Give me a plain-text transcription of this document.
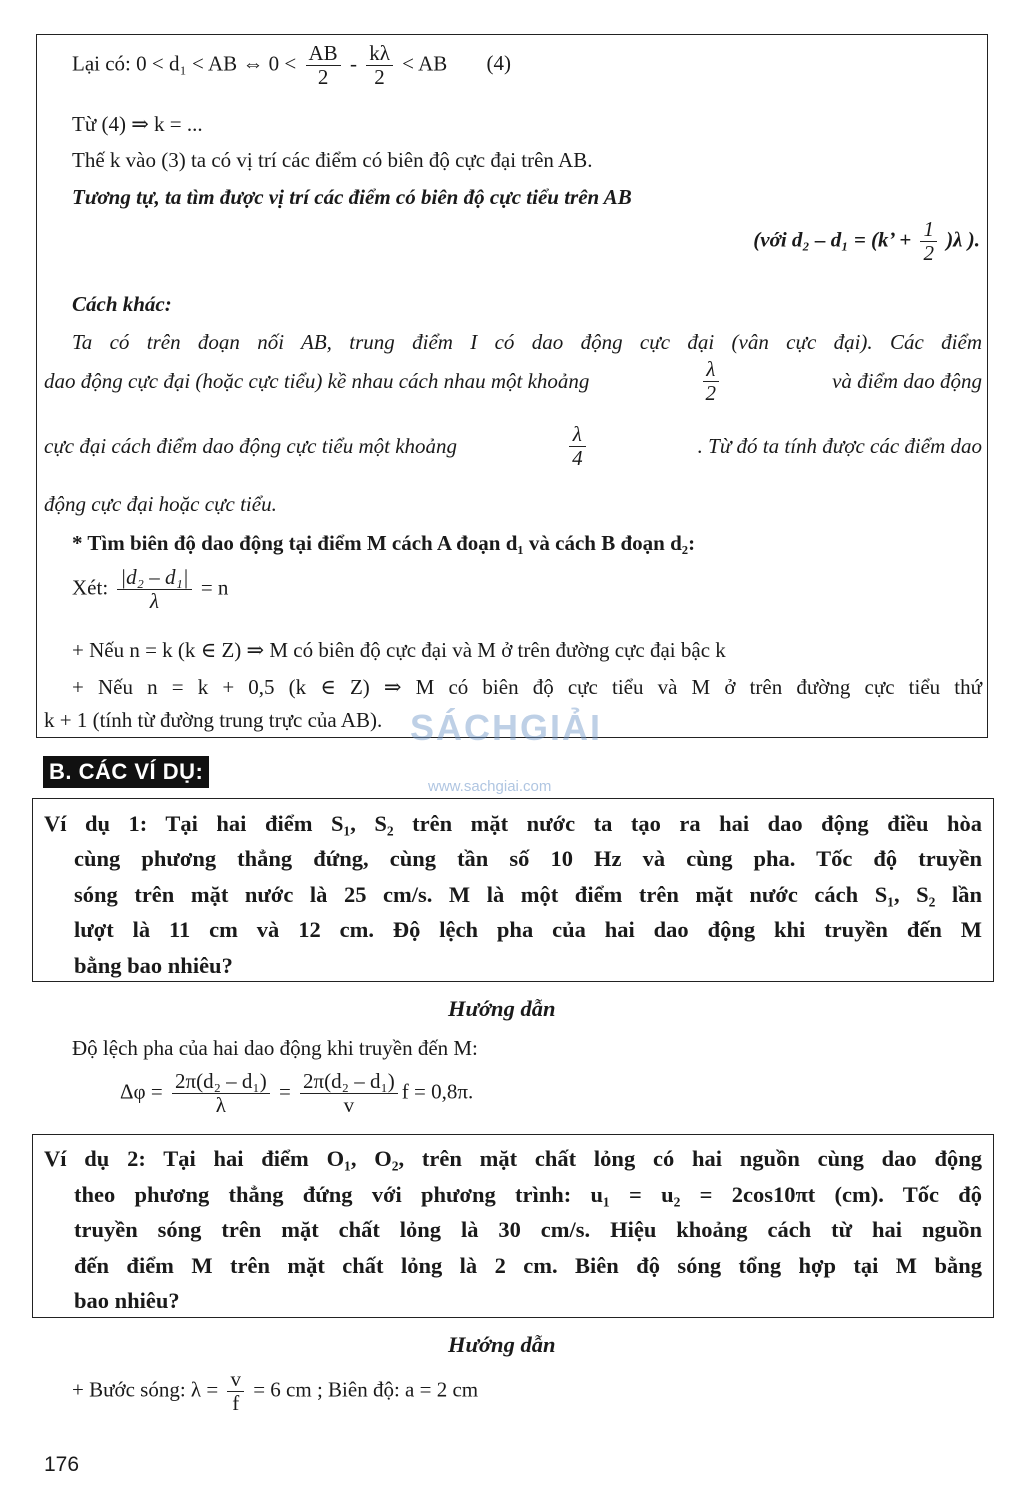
Lại có: 0 < d₁ < AB ⇔ $0 < \frac{AB}{2} - \frac{k\lambda}{2}$ < AB (4)
Từ (4) ⇒ k = ...
Thế k vào (3) ta có vị trí các điểm có biên độ cực đại trên AB.
Tương tự, ta tìm được vị trí các điểm có biên độ cực tiểu trên AB
(với d₂ – d₁ = (k’ + $\frac{1}{2} )\lambda$ ).
Cách khác:
Ta có trên đoạn nối AB, trung điểm I có dao động cực đại (vân cực đại). Các điểm
dao động cực đại (hoặc cực tiểu) kề nhau cách nhau một khoảng	$\frac{\lambda}{2}$	và điểm dao động
cực đại cách điểm dao động cực tiểu một khoảng	$\frac{\lambda}{4}$	. Từ đó ta tính được các điểm dao
động cực đại hoặc cực tiểu.
* Tìm biên độ dao động tại điểm M cách A đoạn d₁ và cách B đoạn d₂:
Xét: $\frac{\text{|d₂ – d₁|}}{\lambda} = n$
+ Nếu n = k (k ∈ Z) ⇒ M có biên độ cực đại và M ở trên đường cực đại bậc k
+ Nếu n = k + 0,5 (k ∈ Z) ⇒ M có biên độ cực tiểu và M ở trên đường cực tiểu thứ
k + 1 (tính từ đường trung trực của AB). SÁCHGIẢI
www.sachgiai.com
B. CÁC VÍ DỤ:
Ví dụ 1: Tại hai điểm S₁, S₂ trên mặt nước ta tạo ra hai dao động điều hòa
cùng phương thẳng đứng, cùng tần số 10 Hz và cùng pha. Tốc độ truyền
sóng trên mặt nước là 25 cm/s. M là một điểm trên mặt nước cách S₁, S₂ lần
lượt là 11 cm và 12 cm. Độ lệch pha của hai dao động khi truyền đến M
bằng bao nhiêu?
Hướng dẫn
Độ lệch pha của hai dao động khi truyền đến M:
$\Delta\varphi = \frac{\text{2π(d₂ – d₁)}}{\lambda} = \frac{\text{2π(d₂ – d₁)}}{v}$ f = 0,8π.
Ví dụ 2: Tại hai điểm O₁, O₂, trên mặt chất lỏng có hai nguồn cùng dao động
theo phương thẳng đứng với phương trình: u₁ = u₂ = 2cos10πt (cm). Tốc độ
truyền sóng trên mặt chất lỏng là 30 cm/s. Hiệu khoảng cách từ hai nguồn
đến điểm M trên mặt chất lỏng là 2 cm. Biên độ sóng tổng hợp tại M bằng
bao nhiêu?
Hướng dẫn
+ Bước sóng: $\lambda = \frac{v}{f} = 6$ cm ; Biên độ: a = 2 cm
176
